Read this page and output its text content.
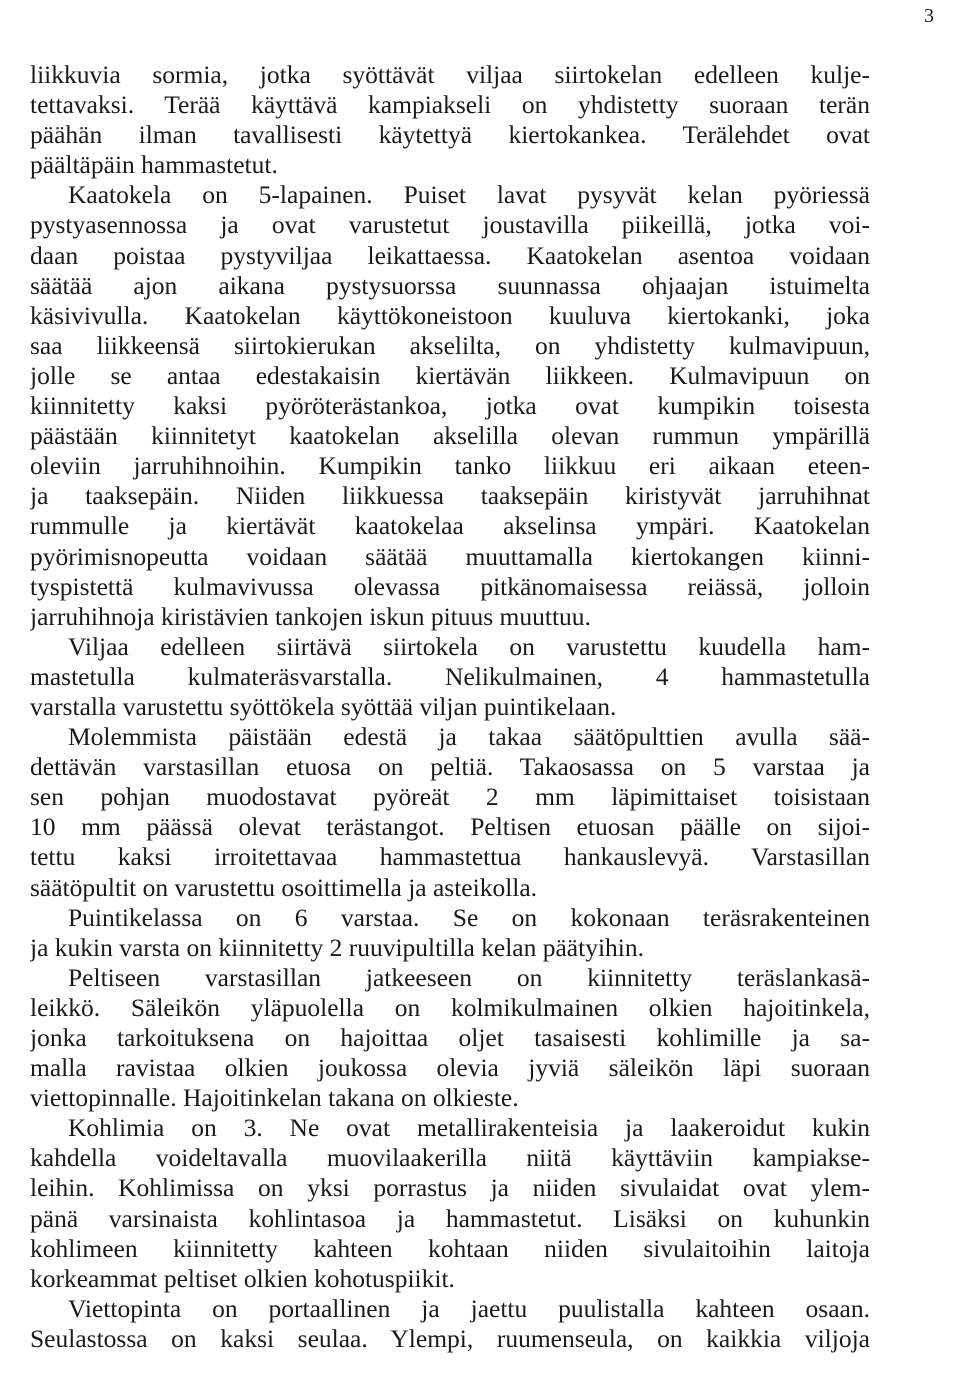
3
liikkuvia sormia, jotka syöttävät viljaa siirtokelan edelleen kulje-
tettavaksi. Terää käyttävä kampiakseli on yhdistetty suoraan terän
päähän ilman tavallisesti käytettyä kiertokankea. Terälehdet ovat
päältäpäin hammastetut.
Kaatokela on 5-lapainen. Puiset lavat pysyvät kelan pyöriessä
pystyasennossa ja ovat varustetut joustavilla piikeillä, jotka voi-
daan poistaa pystyviljaa leikattaessa. Kaatokelan asentoa voidaan
säätää ajon aikana pystysuorssa suunnassa ohjaajan istuimelta
käsivivulla. Kaatokelan käyttökoneistoon kuuluva kiertokanki, joka
saa liikkeensä siirtokierukan akselilta, on yhdistetty kulmavipuun,
jolle se antaa edestakaisin kiertävän liikkeen. Kulmavipuun on
kiinnitetty kaksi pyöröterästankoa, jotka ovat kumpikin toisesta
päästään kiinnitetyt kaatokelan akselilla olevan rummun ympärillä
oleviin jarruhihnoihin. Kumpikin tanko liikkuu eri aikaan eteen-
ja taaksepäin. Niiden liikkuessa taaksepäin kiristyvät jarruhihnat
rummulle ja kiertävät kaatokelaa akselinsa ympäri. Kaatokelan
pyörimisnopeutta voidaan säätää muuttamalla kiertokangen kiinni-
tyspistettä kulmavivussa olevassa pitkänomaisessa reiässä, jolloin
jarruhihnoja kiristävien tankojen iskun pituus muuttuu.
Viljaa edelleen siirtävä siirtokela on varustettu kuudella ham-
mastetulla kulmateräsvarstalla. Nelikulmainen, 4 hammastetulla
varstalla varustettu syöttökela syöttää viljan puintikelaan.
Molemmista päistään edestä ja takaa säätöpulttien avulla sää-
dettävän varstasillan etuosa on peltiä. Takaosassa on 5 varstaa ja
sen pohjan muodostavat pyöreät 2 mm läpimittaiset toisistaan
10 mm päässä olevat terästangot. Peltisen etuosan päälle on sijoi-
tettu kaksi irroitettavaa hammastettua hankauslevyä. Varstasillan
säätöpultit on varustettu osoittimella ja asteikolla.
Puintikelassa on 6 varstaa. Se on kokonaan teräsrakenteinen
ja kukin varsta on kiinnitetty 2 ruuvipultilla kelan päätyihin.
Peltiseen varstasillan jatkeeseen on kiinnitetty teräslankasä-
leikkö. Säleikön yläpuolella on kolmikulmainen olkien hajoitinkela,
jonka tarkoituksena on hajoittaa oljet tasaisesti kohlimille ja sa-
malla ravistaa olkien joukossa olevia jyviä säleikön läpi suoraan
viettopinnalle. Hajoitinkelan takana on olkieste.
Kohlimia on 3. Ne ovat metallirakenteisia ja laakeroidut kukin
kahdella voideltavalla muovilaakerilla niitä käyttäviin kampiakse-
leihin. Kohlimissa on yksi porrastus ja niiden sivulaidat ovat ylem-
pänä varsinaista kohlintasoa ja hammastetut. Lisäksi on kuhunkin
kohlimeen kiinnitetty kahteen kohtaan niiden sivulaitoihin laitoja
korkeammat peltiset olkien kohotuspiikit.
Viettopinta on portaallinen ja jaettu puulistalla kahteen osaan.
Seulastossa on kaksi seulaa. Ylempi, ruumenseula, on kaikkia viljoja
